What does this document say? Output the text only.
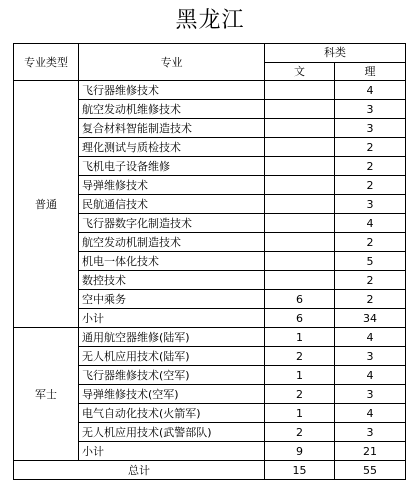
黑龙江
专业类型	专业	科类	
		文	理
普通	飞行器维修技术		4
	航空发动机维修技术		3
	复合材料智能制造技术		3
	理化测试与质检技术		2
	飞机电子设备维修		2
	导弹维修技术		2
	民航通信技术		3
	飞行器数字化制造技术		4
	航空发动机制造技术		2
	机电一体化技术		5
	数控技术		2
	空中乘务	6	2
	小计	6	34
军士	通用航空器维修(陆军)	1	4
	无人机应用技术(陆军)	2	3
	飞行器维修技术(空军)	1	4
	导弹维修技术(空军)	2	3
	电气自动化技术(火箭军)	1	4
	无人机应用技术(武警部队)	2	3
	小计	9	21
总计		15	55
